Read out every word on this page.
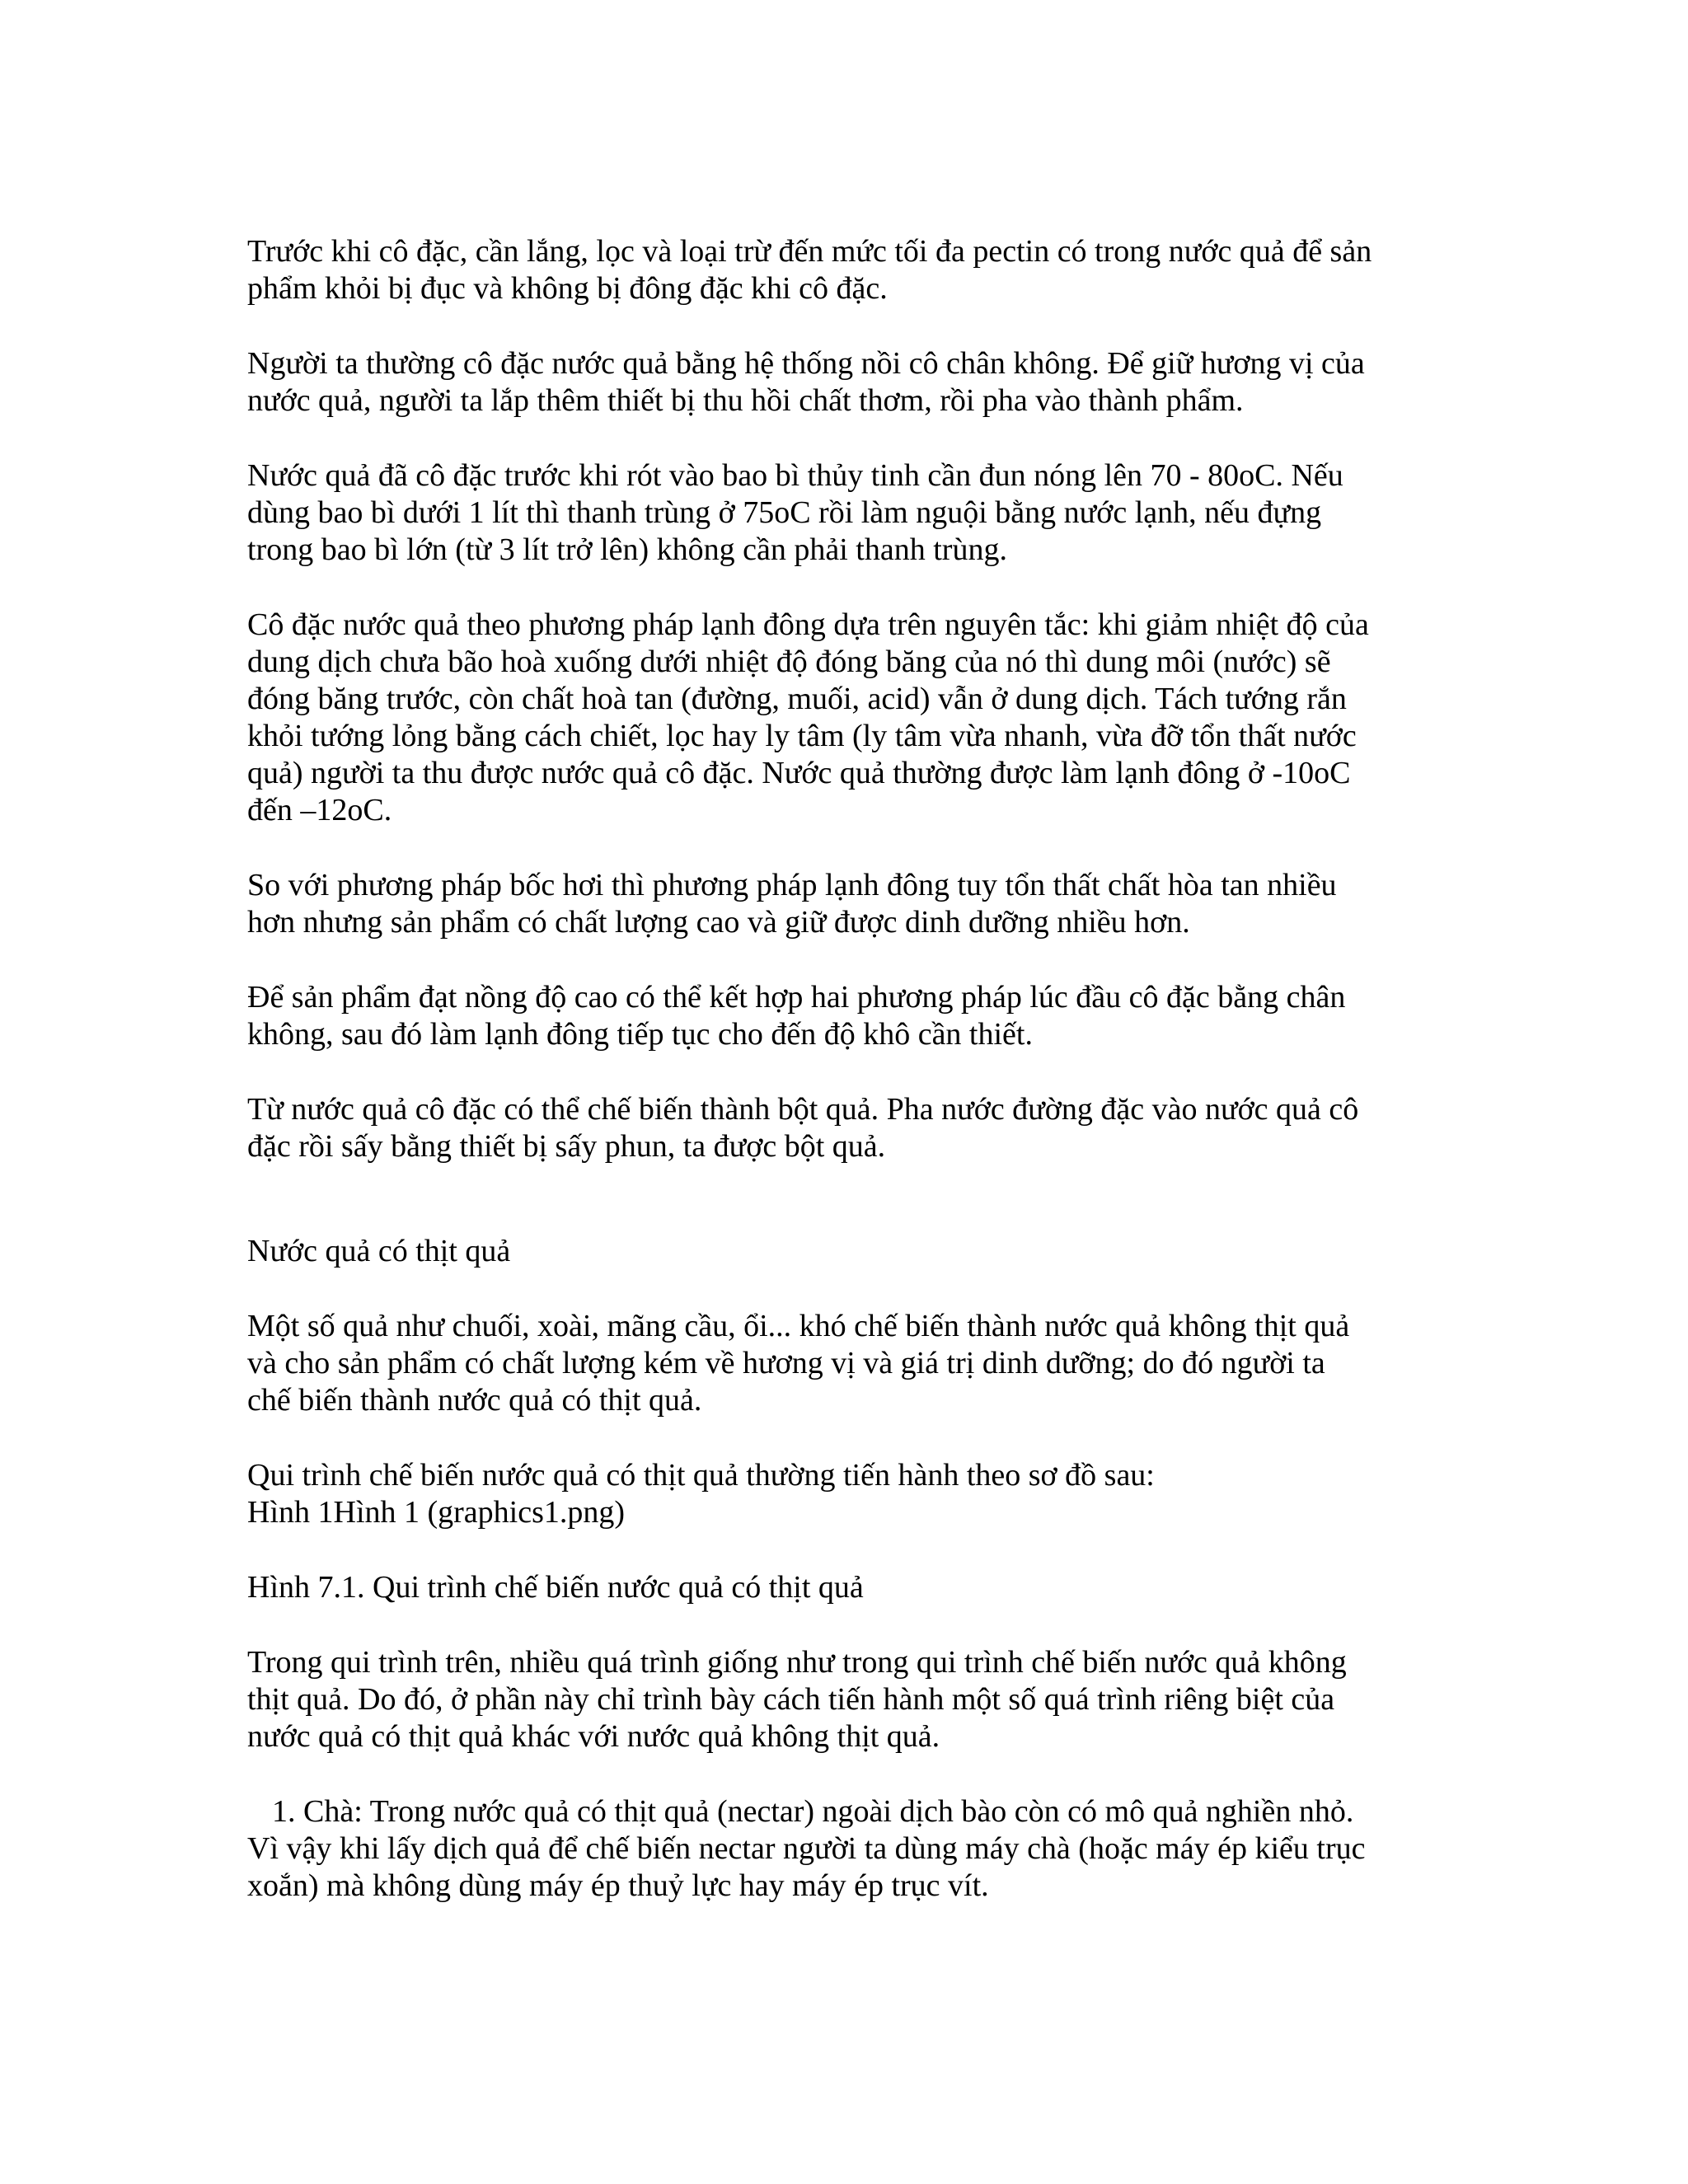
Trước khi cô đặc, cần lắng, lọc và loại trừ đến mức tối đa pectin có trong nước quả để sản
phẩm khỏi bị đục và không bị đông đặc khi cô đặc.
Người ta thường cô đặc nước quả bằng hệ thống nồi cô chân không. Để giữ hương vị của
nước quả, người ta lắp thêm thiết bị thu hồi chất thơm, rồi pha vào thành phẩm.
Nước quả đã cô đặc trước khi rót vào bao bì thủy tinh cần đun nóng lên 70 - 80oC. Nếu
dùng bao bì dưới 1 lít thì thanh trùng ở 75oC rồi làm nguội bằng nước lạnh, nếu đựng
trong bao bì lớn (từ 3 lít trở lên) không cần phải thanh trùng.
Cô đặc nước quả theo phương pháp lạnh đông dựa trên nguyên tắc: khi giảm nhiệt độ của
dung dịch chưa bão hoà xuống dưới nhiệt độ đóng băng của nó thì dung môi (nước) sẽ
đóng băng trước, còn chất hoà tan (đường, muối, acid) vẫn ở dung dịch. Tách tướng rắn
khỏi tướng lỏng bằng cách chiết, lọc hay ly tâm (ly tâm vừa nhanh, vừa đỡ tổn thất nước
quả) người ta thu được nước quả cô đặc. Nước quả thường được làm lạnh đông ở -10oC
đến –12oC.
So với phương pháp bốc hơi thì phương pháp lạnh đông tuy tổn thất chất hòa tan nhiều
hơn nhưng sản phẩm có chất lượng cao và giữ được dinh dưỡng nhiều hơn.
Để sản phẩm đạt nồng độ cao có thể kết hợp hai phương pháp lúc đầu cô đặc bằng chân
không, sau đó làm lạnh đông tiếp tục cho đến độ khô cần thiết.
Từ nước quả cô đặc có thể chế biến thành bột quả. Pha nước đường đặc vào nước quả cô
đặc rồi sấy bằng thiết bị sấy phun, ta được bột quả.
Nước quả có thịt quả
Một số quả như chuối, xoài, mãng cầu, ổi... khó chế biến thành nước quả không thịt quả
và cho sản phẩm có chất lượng kém về hương vị và giá trị dinh dưỡng; do đó người ta
chế biến thành nước quả có thịt quả.
Qui trình chế biến nước quả có thịt quả thường tiến hành theo sơ đồ sau:
Hình 1Hình 1 (graphics1.png)
Hình 7.1. Qui trình chế biến nước quả có thịt quả
Trong qui trình trên, nhiều quá trình giống như trong qui trình chế biến nước quả không
thịt quả. Do đó, ở phần này chỉ trình bày cách tiến hành một số quá trình riêng biệt của
nước quả có thịt quả khác với nước quả không thịt quả.
1. Chà: Trong nước quả có thịt quả (nectar) ngoài dịch bào còn có mô quả nghiền nhỏ.
Vì vậy khi lấy dịch quả để chế biến nectar người ta dùng máy chà (hoặc máy ép kiểu trục
xoắn) mà không dùng máy ép thuỷ lực hay máy ép trục vít.
